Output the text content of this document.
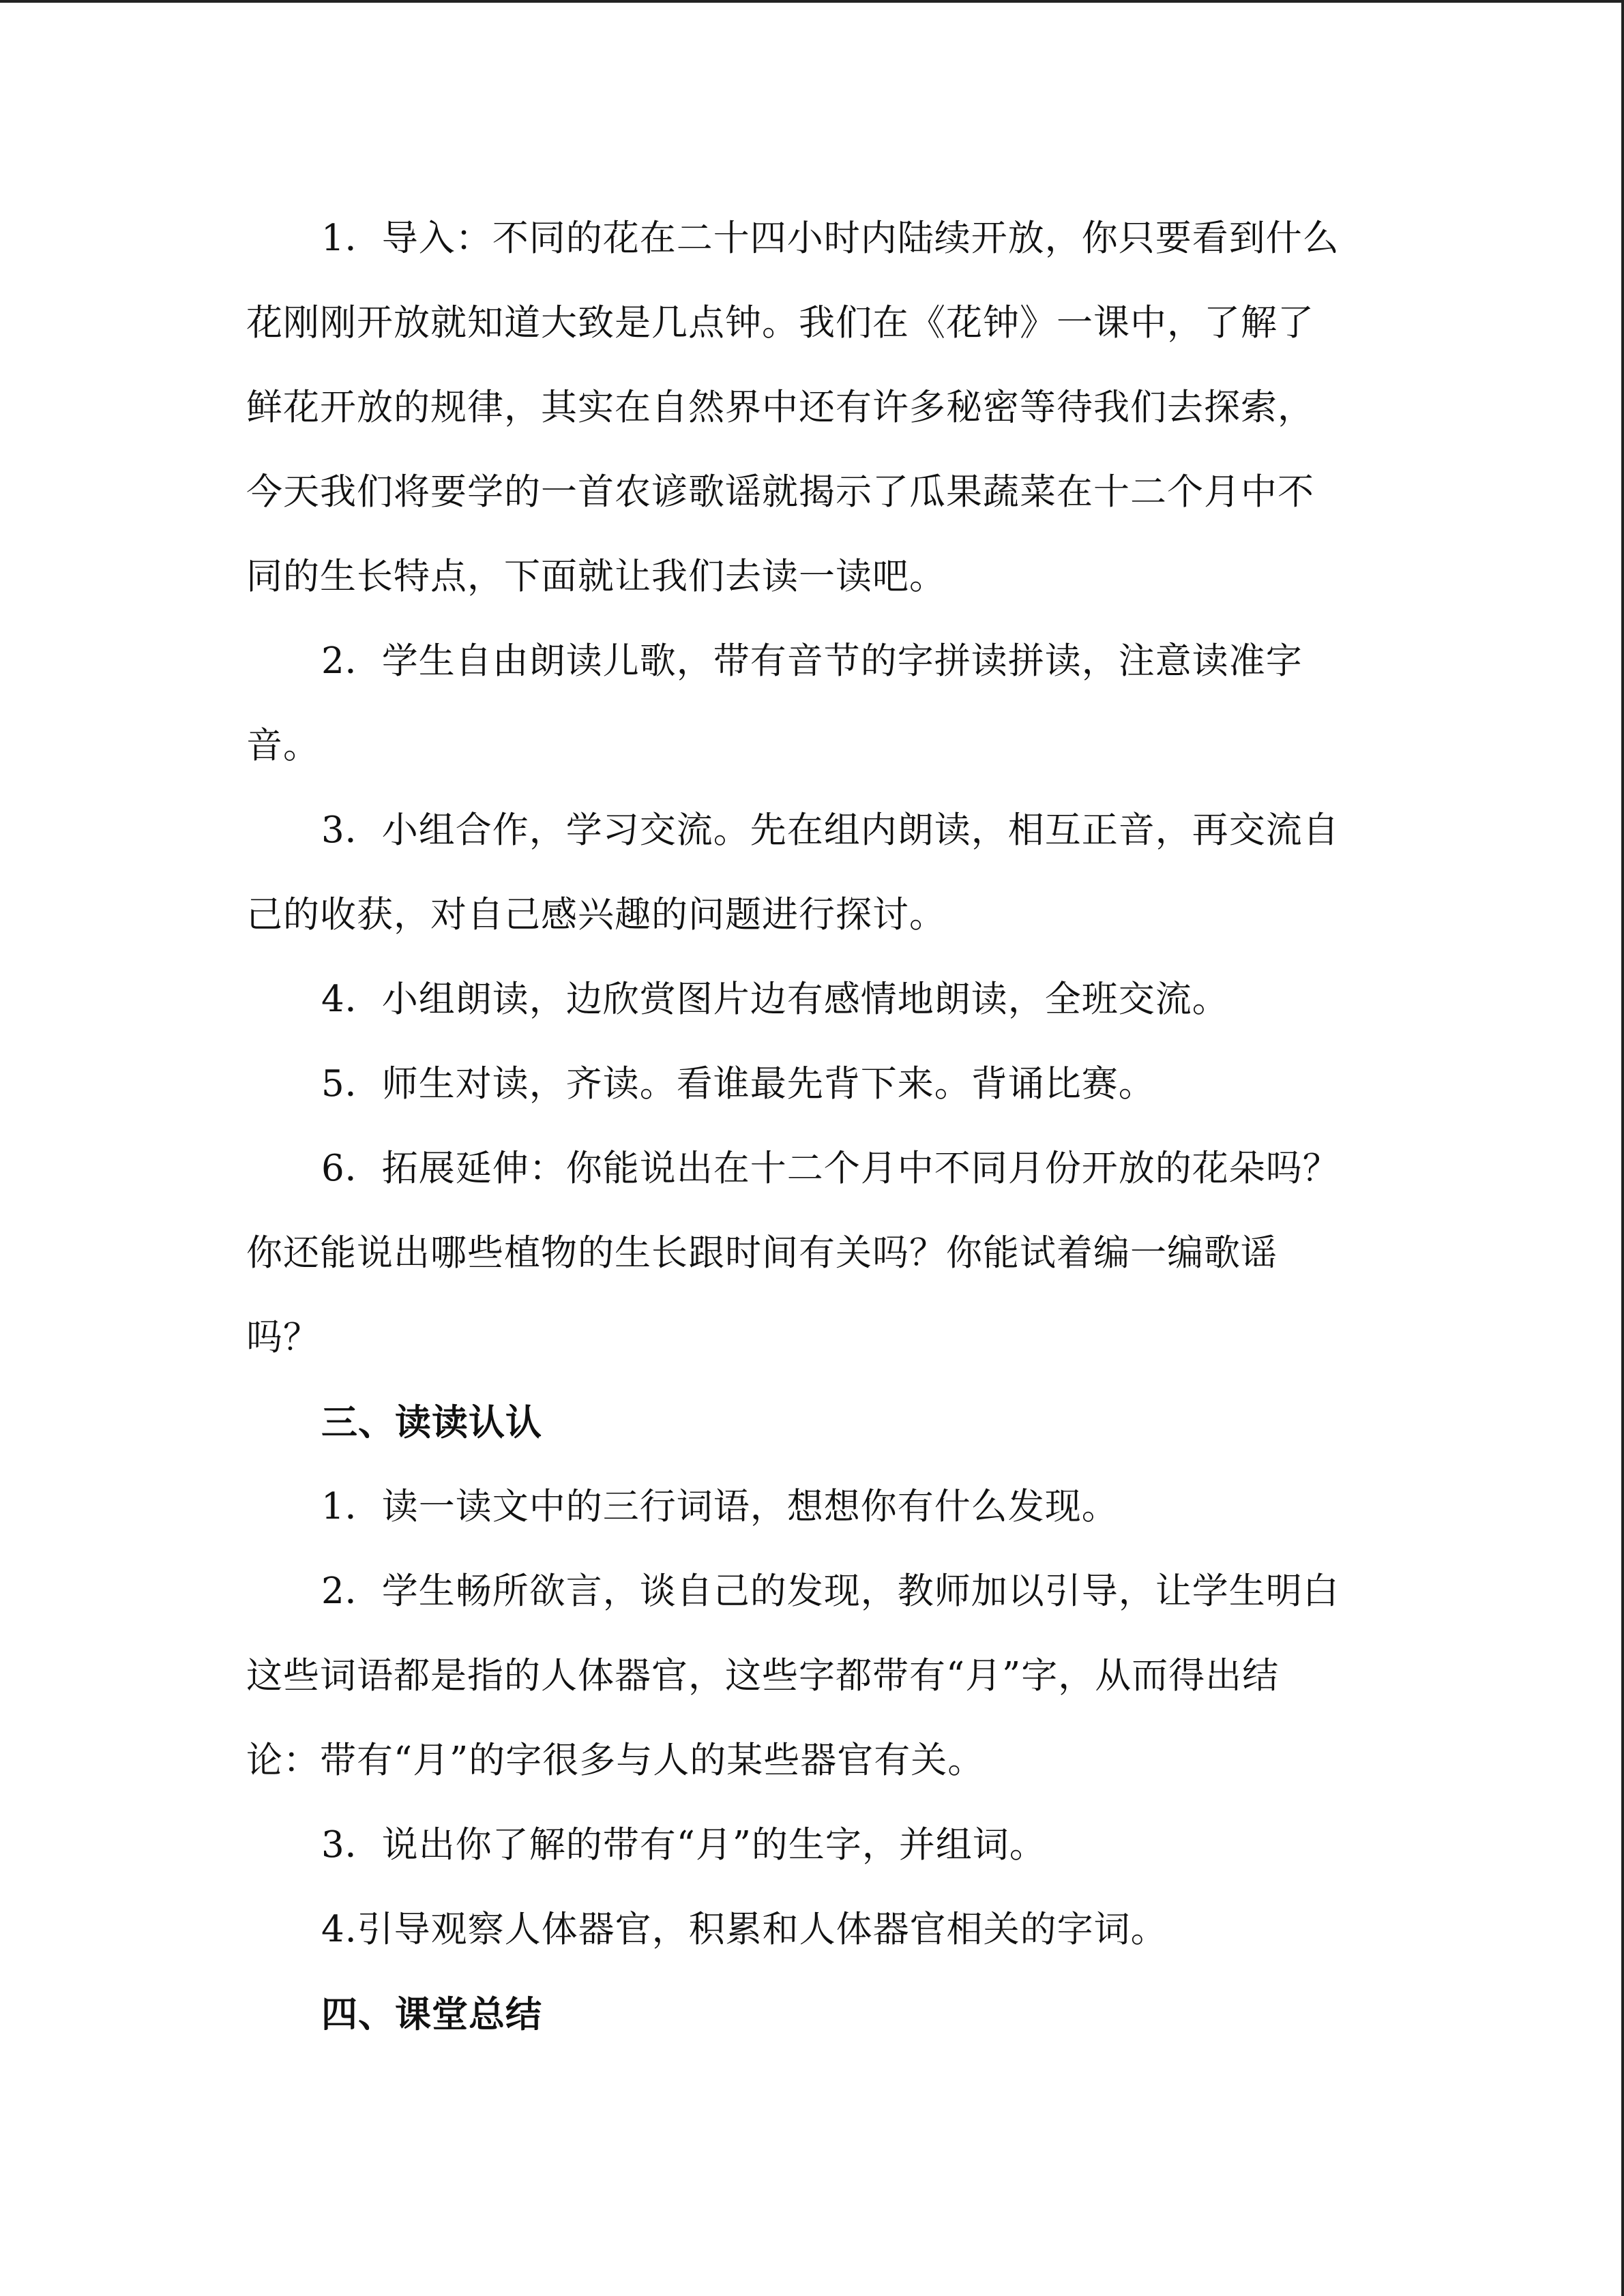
1．导入：不同的花在二十四小时内陆续开放，你只要看到什么
花刚刚开放就知道大致是几点钟。我们在《花钟》一课中，了解了
鲜花开放的规律，其实在自然界中还有许多秘密等待我们去探索，
今天我们将要学的一首农谚歌谣就揭示了瓜果蔬菜在十二个月中不
同的生长特点，下面就让我们去读一读吧。
2．学生自由朗读儿歌，带有音节的字拼读拼读，注意读准字
音。
3．小组合作，学习交流。先在组内朗读，相互正音，再交流自
己的收获，对自己感兴趣的问题进行探讨。
4．小组朗读，边欣赏图片边有感情地朗读，全班交流。
5．师生对读，齐读。看谁最先背下来。背诵比赛。
6．拓展延伸：你能说出在十二个月中不同月份开放的花朵吗？
你还能说出哪些植物的生长跟时间有关吗？你能试着编一编歌谣
吗？
三、读读认认
1．读一读文中的三行词语，想想你有什么发现。
2．学生畅所欲言，谈自己的发现，教师加以引导，让学生明白
这些词语都是指的人体器官，这些字都带有“月”字，从而得出结
论：带有“月”的字很多与人的某些器官有关。
3．说出你了解的带有“月”的生字，并组词。
4.引导观察人体器官，积累和人体器官相关的字词。
四、课堂总结
